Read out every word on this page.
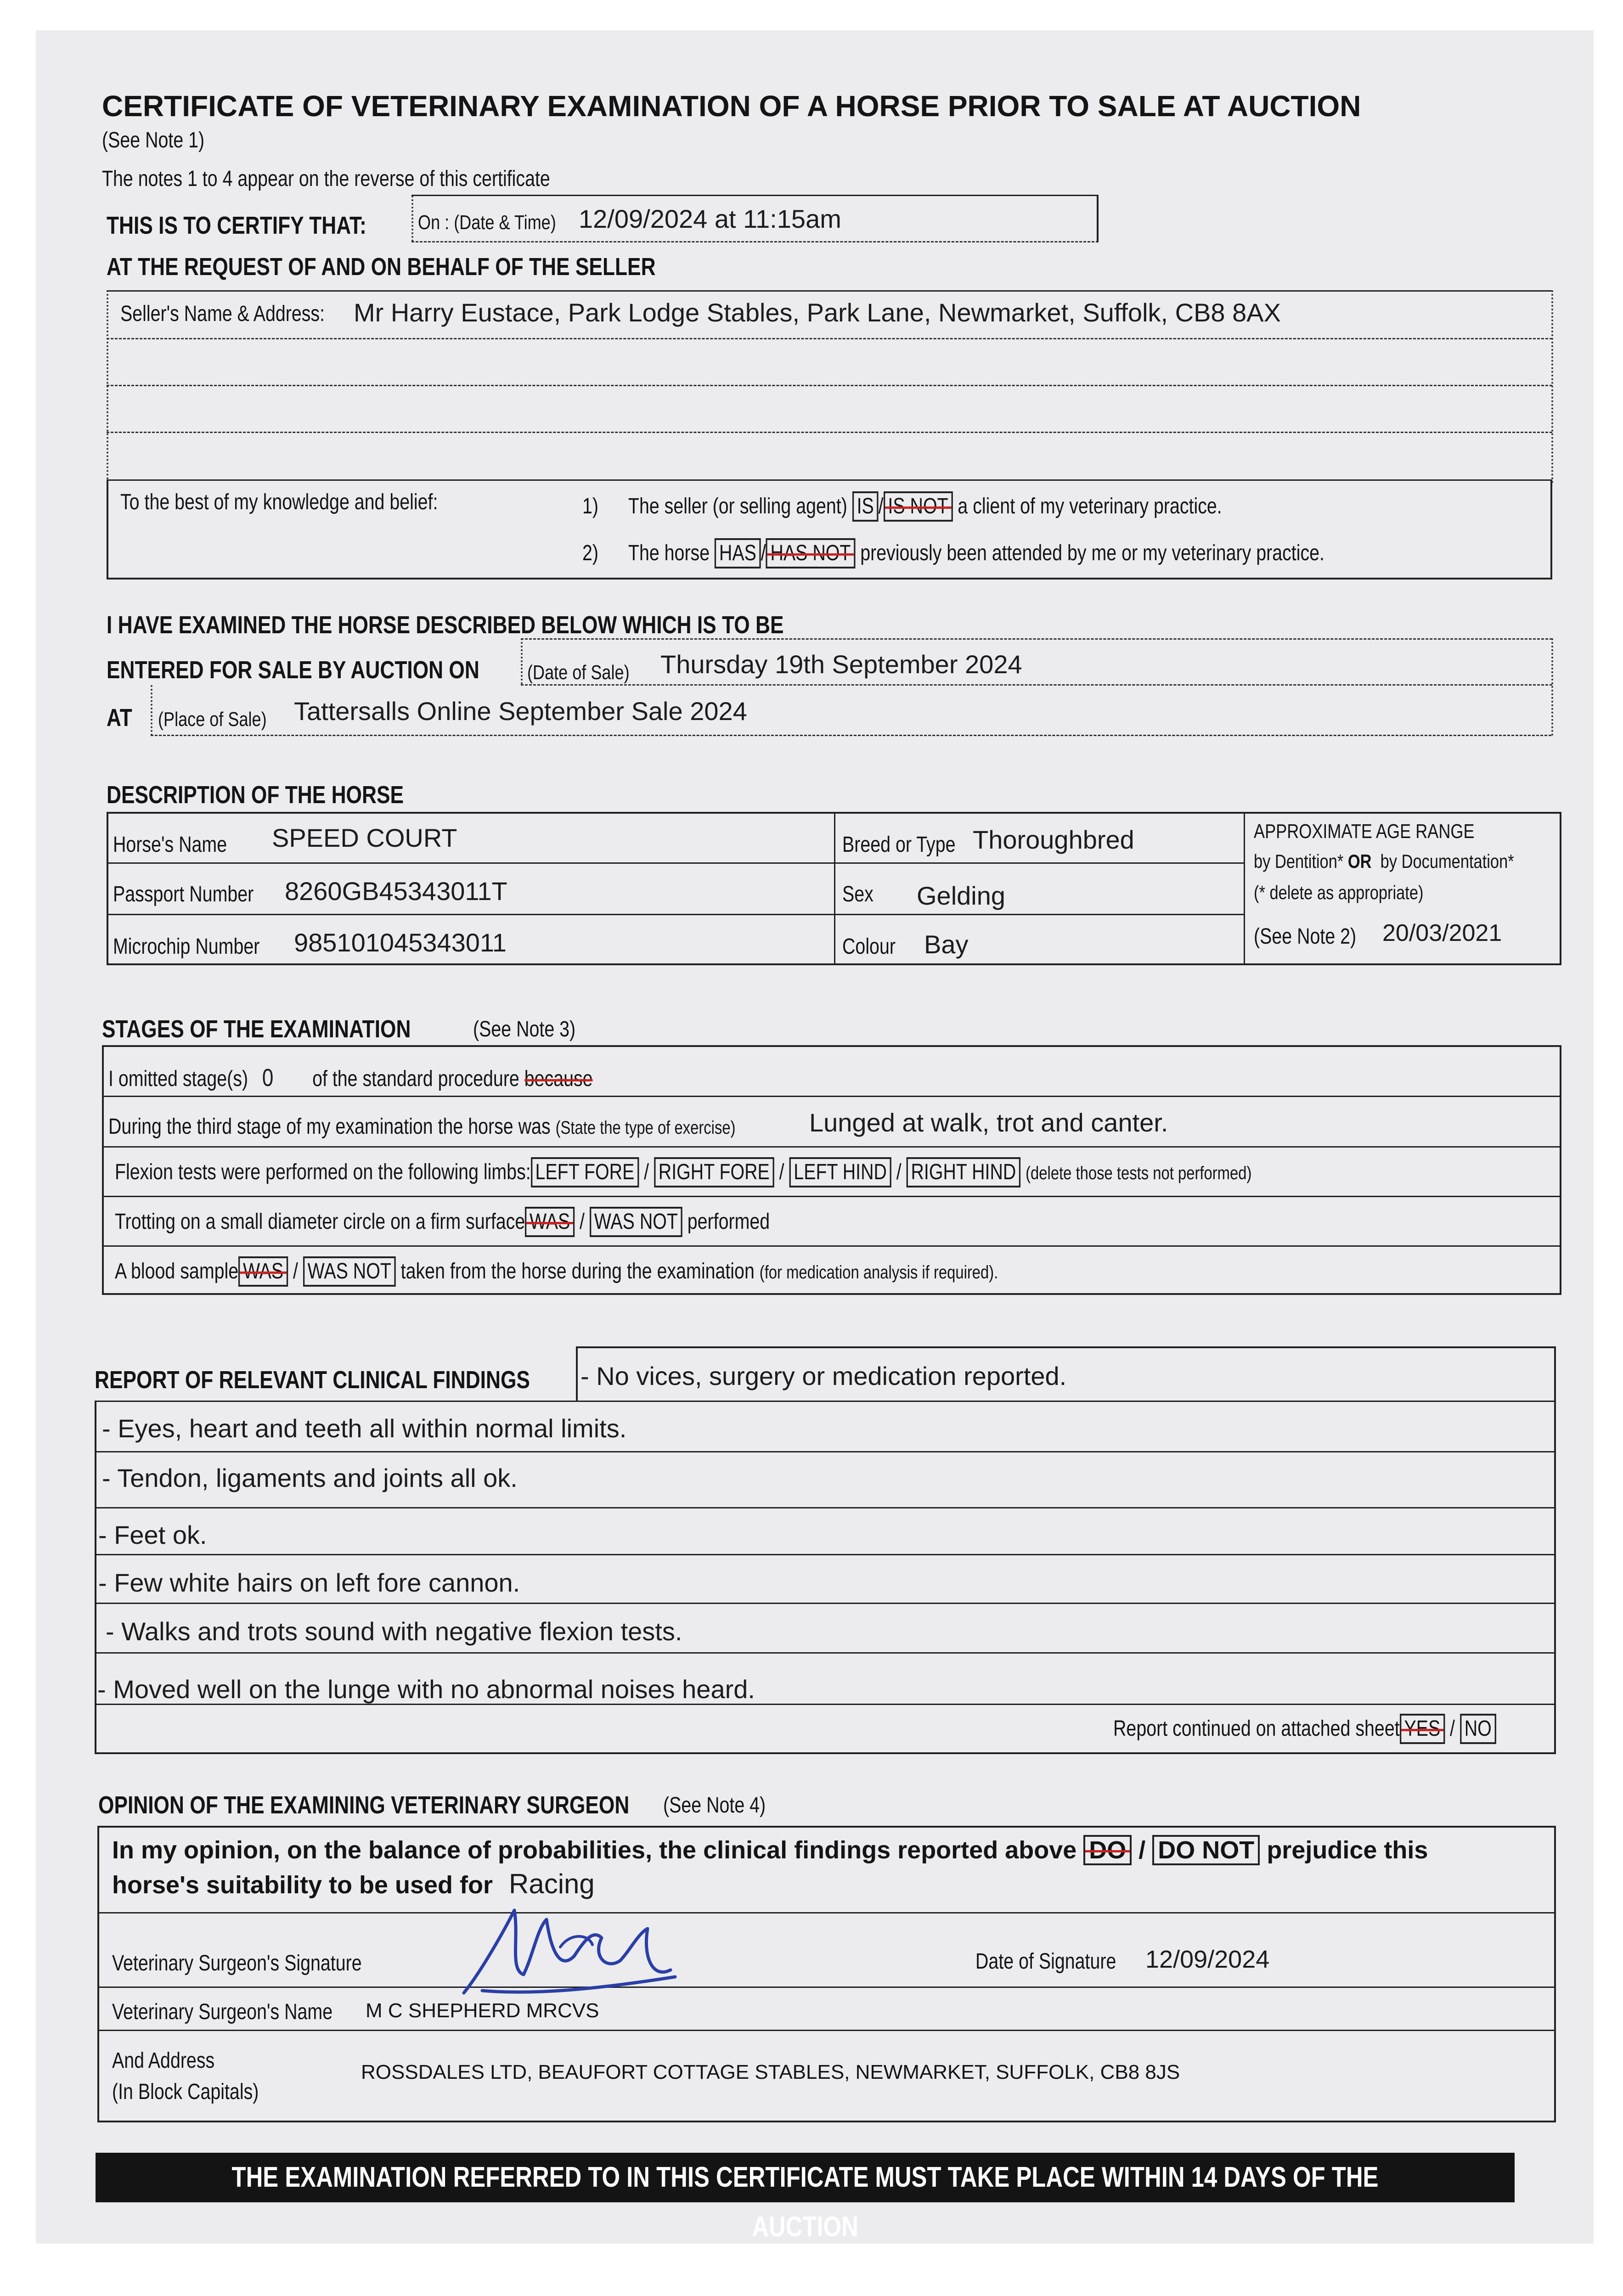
CERTIFICATE OF VETERINARY EXAMINATION OF A HORSE PRIOR TO SALE AT AUCTION
(See Note 1)
The notes 1 to 4 appear on the reverse of this certificate
THIS IS TO CERTIFY THAT:	On : (Date & Time) 12/09/2024 at 11:15am
AT THE REQUEST OF AND ON BEHALF OF THE SELLER
Seller's Name & Address: Mr Harry Eustace, Park Lodge Stables, Park Lane, Newmarket, Suffolk, CB8 8AX
To the best of my knowledge and belief:	1) The seller (or selling agent) IS / IS NOT a client of my veterinary practice.
2) The horse HAS / HAS NOT previously been attended by me or my veterinary practice.
I HAVE EXAMINED THE HORSE DESCRIBED BELOW WHICH IS TO BE
ENTERED FOR SALE BY AUCTION ON (Date of Sale) Thursday 19th September 2024
AT (Place of Sale) Tattersalls Online September Sale 2024
DESCRIPTION OF THE HORSE
Horse's Name SPEED COURT
Passport Number 8260GB45343011T
Microchip Number 985101045343011
Breed or Type Thoroughbred
Sex Gelding
Colour Bay
APPROXIMATE AGE RANGE
by Dentition* OR by Documentation*
(* delete as appropriate)
(See Note 2) 20/03/2021
STAGES OF THE EXAMINATION	(See Note 3)
I omitted stage(s) 0 of the standard procedure because
During the third stage of my examination the horse was (State the type of exercise)	Lunged at walk, trot and canter.
Flexion tests were performed on the following limbs: LEFT FORE / RIGHT FORE / LEFT HIND / RIGHT HIND (delete those tests not performed)
Trotting on a small diameter circle on a firm surface WAS / WAS NOT performed
A blood sample WAS / WAS NOT taken from the horse during the examination (for medication analysis if required).
REPORT OF RELEVANT CLINICAL FINDINGS - No vices, surgery or medication reported.
- Eyes, heart and teeth all within normal limits.
- Tendon, ligaments and joints all ok.
- Feet ok.
- Few white hairs on left fore cannon.
- Walks and trots sound with negative flexion tests.
- Moved well on the lunge with no abnormal noises heard.
Report continued on attached sheet YES / NO
OPINION OF THE EXAMINING VETERINARY SURGEON (See Note 4)
In my opinion, on the balance of probabilities, the clinical findings reported above DO / DO NOT prejudice this
horse's suitability to be used for Racing
Veterinary Surgeon's Signature	Date of Signature 12/09/2024
Veterinary Surgeon's Name M C SHEPHERD MRCVS
And Address
(In Block Capitals)
ROSSDALES LTD, BEAUFORT COTTAGE STABLES, NEWMARKET, SUFFOLK, CB8 8JS
THE EXAMINATION REFERRED TO IN THIS CERTIFICATE MUST TAKE PLACE WITHIN 14 DAYS OF THE AUCTION
